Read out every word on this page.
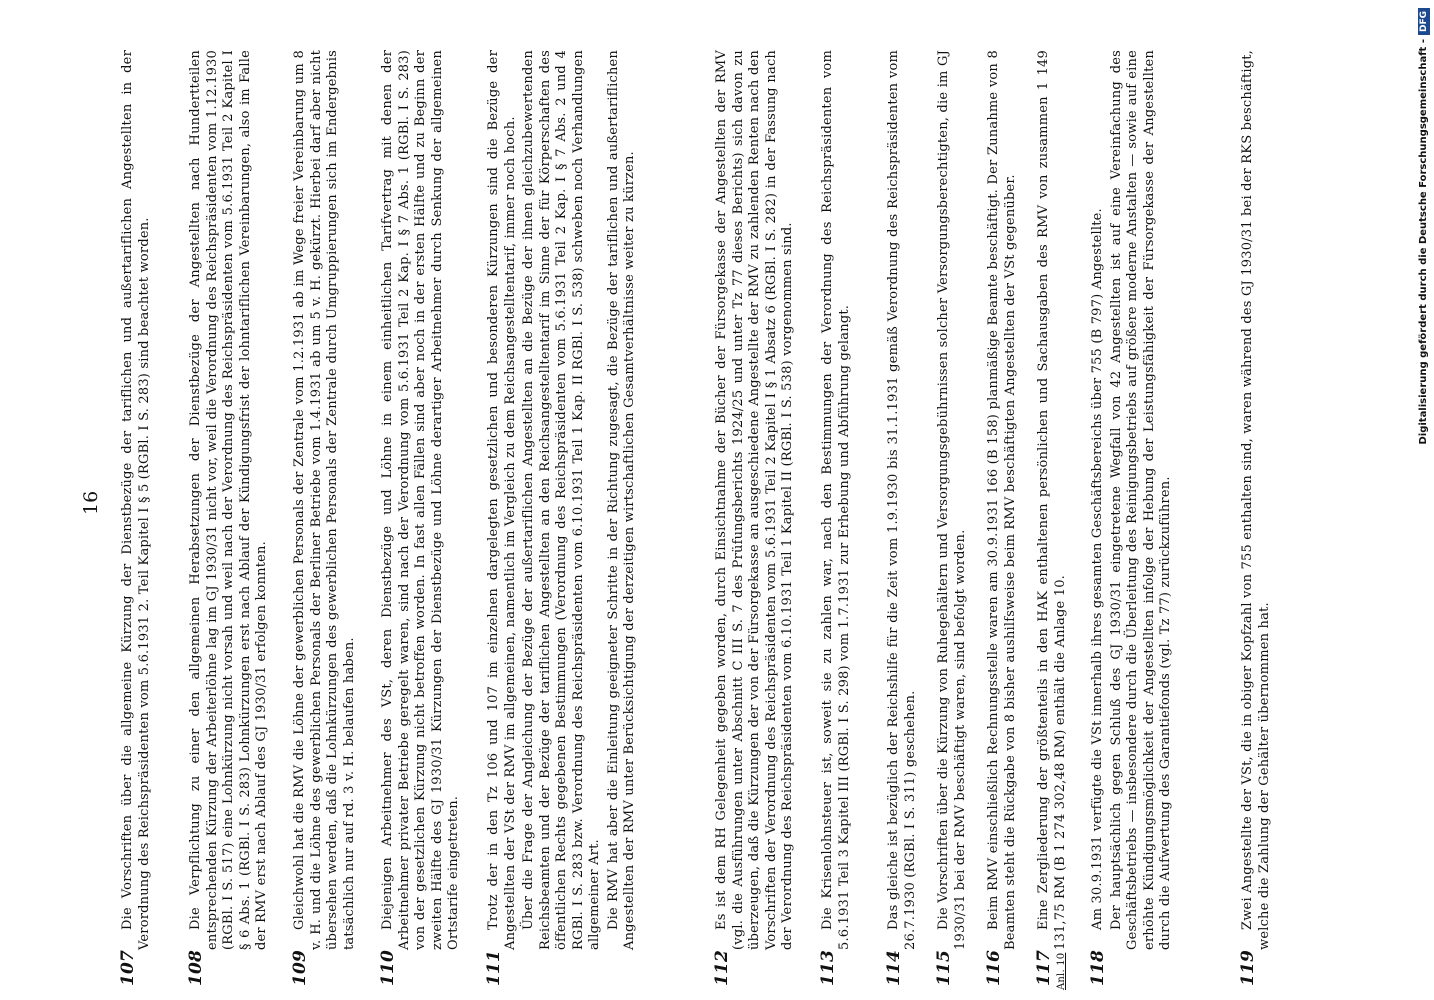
16
107

Die Vorschriften über die allgemeine Kürzung der Dienstbezüge der tariflichen und außertariflichen Angestellten in der Verordnung des Reichspräsidenten vom 5.6.1931 2. Teil Kapitel I § 5 (RGBl. I S. 283) sind beachtet worden.

108

Die Verpflichtung zu einer den allgemeinen Herabsetzungen der Dienstbezüge der Angestellten nach Hundertteilen entsprechenden Kürzung der Arbeiterlöhne lag im GJ 1930/31 nicht vor, weil die Verordnung des Reichspräsidenten vom 1.12.1930 (RGBl. I S. 517) eine Lohnkürzung nicht vorsah und weil nach der Verordnung des Reichspräsidenten vom 5.6.1931 Teil 2 Kapitel I § 6 Abs. 1 (RGBl. I S. 283) Lohnkürzungen erst nach Ablauf der Kündigungsfrist der lohntariflichen Vereinbarungen, also im Falle der RMV erst nach Ablauf des GJ 1930/31 erfolgen konnten.

109

Gleichwohl hat die RMV die Löhne der gewerblichen Personals der Zentrale vom 1.2.1931 ab im Wege freier Vereinbarung um 8 v. H. und die Löhne des gewerblichen Personals der Berliner Betriebe vom 1.4.1931 ab um 5 v. H. gekürzt. Hierbei darf aber nicht übersehen werden, daß die Lohnkürzungen des gewerblichen Personals der Zentrale durch Umgruppierungen sich im Endergebnis tatsächlich nur auf rd. 3 v. H. belaufen haben.

110

Diejenigen Arbeitnehmer des VSt, deren Dienstbezüge und Löhne in einem einheitlichen Tarifvertrag mit denen der Arbeitnehmer privater Betriebe geregelt waren, sind nach der Verordnung vom 5.6.1931 Teil 2 Kap. I § 7 Abs. 1 (RGBl. I S. 283) von der gesetzlichen Kürzung nicht betroffen worden. In fast allen Fällen sind aber noch in der ersten Hälfte und zu Beginn der zweiten Hälfte des GJ 1930/31 Kürzungen der Dienstbezüge und Löhne derartiger Arbeitnehmer durch Senkung der allgemeinen Ortstarife eingetreten.

111

Trotz der in den Tz 106 und 107 im einzelnen dargelegten gesetzlichen und besonderen Kürzungen sind die Bezüge der Angestellten der VSt der RMV im allgemeinen, namentlich im Vergleich zu dem Reichsangestelltentarif, immer noch hoch. Über die Frage der Angleichung der Bezüge der außertariflichen Angestellten an die Bezüge der ihnen gleichzubewertenden Reichsbeamten und der Bezüge der tariflichen Angestellten an den Reichsangestelltentarif im Sinne der für Körperschaften des öffentlichen Rechts gegebenen Bestimmungen (Verordnung des Reichspräsidenten vom 5.6.1931 Teil 2 Kap. I § 7 Abs. 2 und 4 RGBl. I S. 283 bzw. Verordnung des Reichspräsidenten vom 6.10.1931 Teil 1 Kap. II RGBl. I S. 538) schweben noch Verhandlungen allgemeiner Art. Die RMV hat aber die Einleitung geeigneter Schritte in der Richtung zugesagt, die Bezüge der tariflichen und außertariflichen Angestellten der RMV unter Berücksichtigung der derzeitigen wirtschaftlichen Gesamtverhältnisse weiter zu kürzen.

112

Es ist dem RH Gelegenheit gegeben worden, durch Einsichtnahme der Bücher der Fürsorgekasse der Angestellten der RMV (vgl. die Ausführungen unter Abschnitt C III S. 7 des Prüfungsberichts 1924/25 und unter Tz 77 dieses Berichts) sich davon zu überzeugen, daß die Kürzungen der von der Fürsorgekasse an ausgeschiedene Angestellte der RMV zu zahlenden Renten nach den Vorschriften der Verordnung des Reichspräsidenten vom 5.6.1931 Teil 2 Kapitel I § 1 Absatz 6 (RGBl. I S. 282) in der Fassung nach der Verordnung des Reichspräsidenten vom 6.10.1931 Teil 1 Kapitel II (RGBl. I S. 538) vorgenommen sind.

113

Die Krisenlohnsteuer ist, soweit sie zu zahlen war, nach den Bestimmungen der Verordnung des Reichspräsidenten vom 5.6.1931 Teil 3 Kapitel III (RGBl. I S. 298) vom 1.7.1931 zur Erhebung und Abführung gelangt.

114

Das gleiche ist bezüglich der Reichshilfe für die Zeit vom 1.9.1930 bis 31.1.1931 gemäß Verordnung des Reichspräsidenten vom 26.7.1930 (RGBl. I S. 311) geschehen.

115

Die Vorschriften über die Kürzung von Ruhegehältern und Versorgungsgebührnissen solcher Versorgungsberechtigten, die im GJ 1930/31 bei der RMV beschäftigt waren, sind befolgt worden.

116

Beim RMV einschließlich Rechnungsstelle waren am 30.9.1931 166 (B 158) planmäßige Beamte beschäftigt. Der Zunahme von 8 Beamten steht die Rückgabe von 8 bisher aushilfsweise beim RMV beschäftigten Angestellten der VSt gegenüber.

117 Anl. 10

Eine Zergliederung der größtenteils in den HAK enthaltenen persönlichen und Sachausgaben des RMV von zusammen 1 149 131,75 RM (B 1 274 302,48 RM) enthält die Anlage 10.

118

Am 30.9.1931 verfügte die VSt innerhalb ihres gesamten Geschäftsbereichs über 755 (B 797) Angestellte. Der hauptsächlich gegen Schluß des GJ 1930/31 eingetretene Wegfall von 42 Angestellten ist auf eine Vereinfachung des Geschäftsbetriebs — insbesondere durch die Überleitung des Reinigungsbetriebs auf größere moderne Anstalten — sowie auf eine erhöhte Kündigungsmöglichkeit der Angestellten infolge der Hebung der Leistungsfähigkeit der Fürsorgekasse der Angestellten durch die Aufwertung des Garantiefonds (vgl. Tz 77) zurückzuführen.

119

Zwei Angestellte der VSt, die in obiger Kopfzahl von 755 enthalten sind, waren während des GJ 1930/31 bei der RKS beschäftigt, welche die Zahlung der Gehälter übernommen hat.

Digitalisierung gefördert durch die Deutsche Forschungsgemeinschaft -
DFG
